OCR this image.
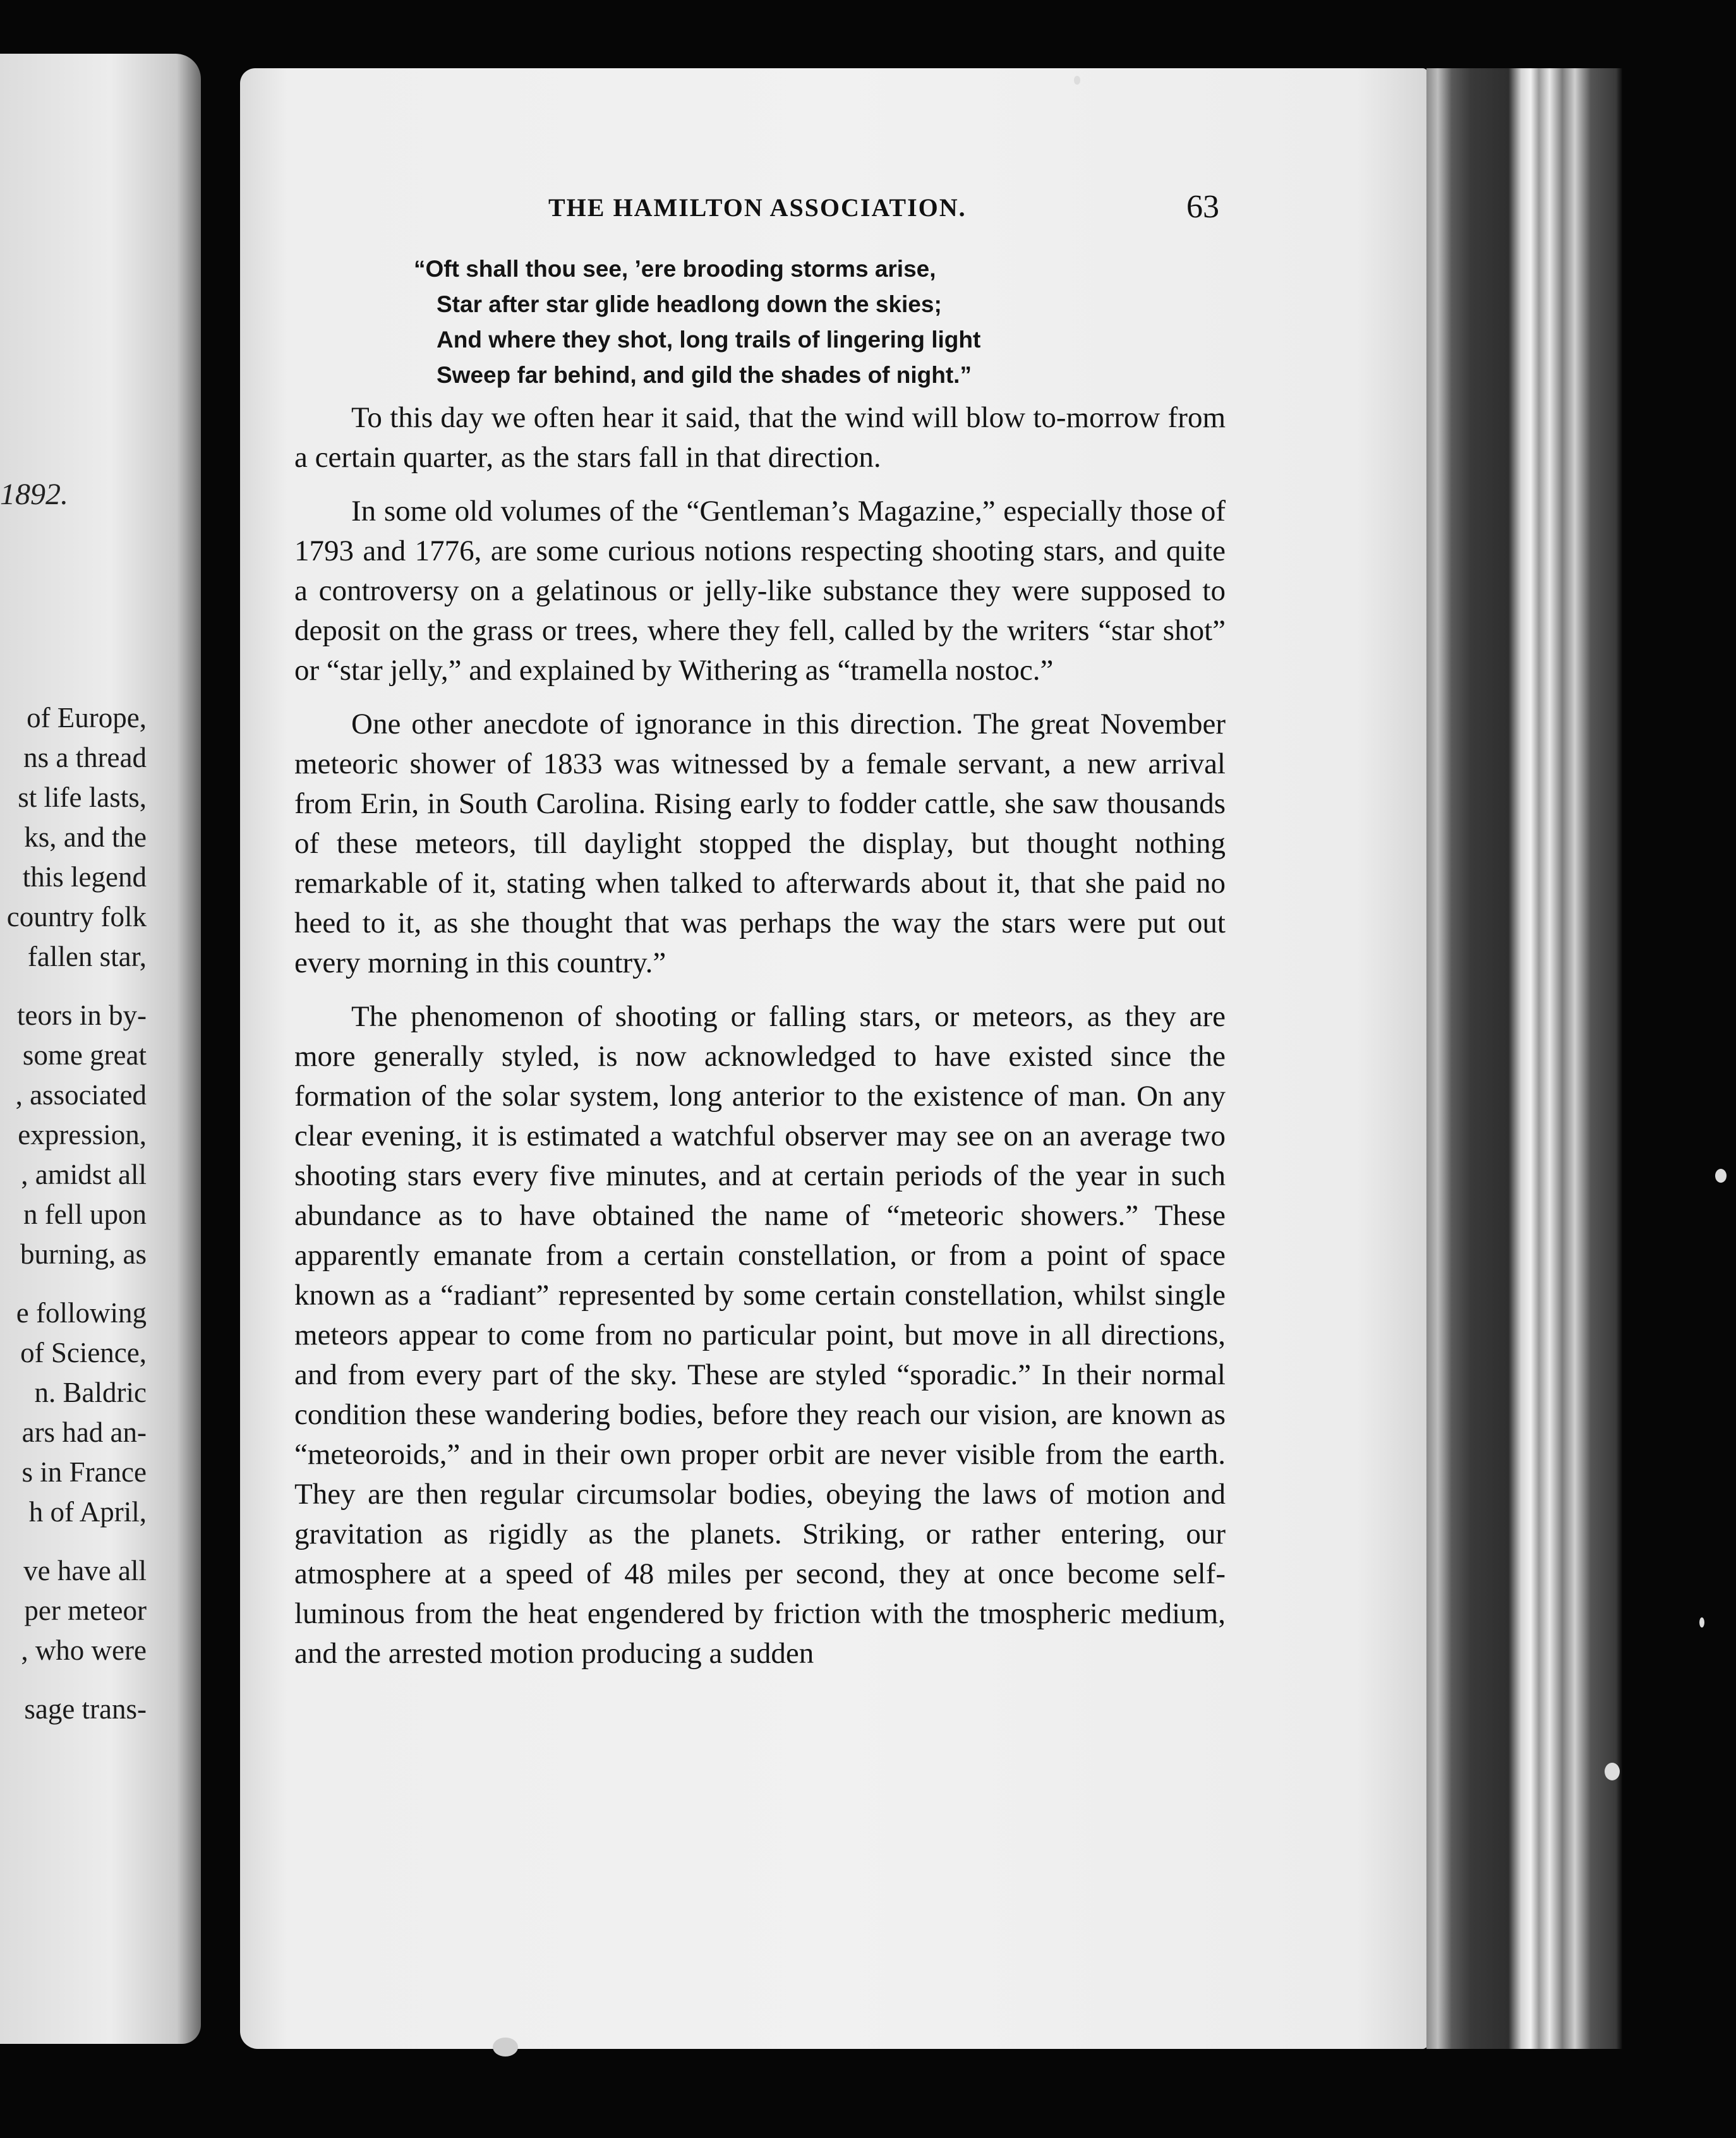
1892.
of Europe,
ns a thread
st life lasts,
ks, and the
this legend
country folk
fallen star,
teors in by-
some great
, associated
expression,
, amidst all
n fell upon
burning, as
e following
of Science,
n. Baldric
ars had an-
s in France
h of April,
ve have all
per meteor
, who were
sage trans-
THE HAMILTON ASSOCIATION.	63
“Oft shall thou see, ’ere brooding storms arise,
Star after star glide headlong down the skies;
And where they shot, long trails of lingering light
Sweep far behind, and gild the shades of night.”

To this day we often hear it said, that the wind will blow to-morrow from a certain quarter, as the stars fall in that direction.

In some old volumes of the “Gentleman’s Magazine,” especially those of 1793 and 1776, are some curious notions respecting shooting stars, and quite a controversy on a gelatinous or jelly-like substance they were supposed to deposit on the grass or trees, where they fell, called by the writers “star shot” or “star jelly,” and explained by Withering as “tramella nostoc.”

One other anecdote of ignorance in this direction. The great November meteoric shower of 1833 was witnessed by a female servant, a new arrival from Erin, in South Carolina. Rising early to fodder cattle, she saw thousands of these meteors, till daylight stopped the display, but thought nothing remarkable of it, stating when talked to afterwards about it, that she paid no heed to it, as she thought that was perhaps the way the stars were put out every morning in this country.”

The phenomenon of shooting or falling stars, or meteors, as they are more generally styled, is now acknowledged to have existed since the formation of the solar system, long anterior to the existence of man. On any clear evening, it is estimated a watchful observer may see on an average two shooting stars every five minutes, and at certain periods of the year in such abundance as to have obtained the name of “meteoric showers.” These apparently emanate from a certain constellation, or from a point of space known as a “radiant” represented by some certain constellation, whilst single meteors appear to come from no particular point, but move in all directions, and from every part of the sky. These are styled “sporadic.” In their normal condition these wandering bodies, before they reach our vision, are known as “meteoroids,” and in their own proper orbit are never visible from the earth. They are then regular circumsolar bodies, obeying the laws of motion and gravitation as rigidly as the planets. Striking, or rather entering, our atmosphere at a speed of 48 miles per second, they at once become self-luminous from the heat engendered by friction with the tmospheric medium, and the arrested motion producing a sudden
